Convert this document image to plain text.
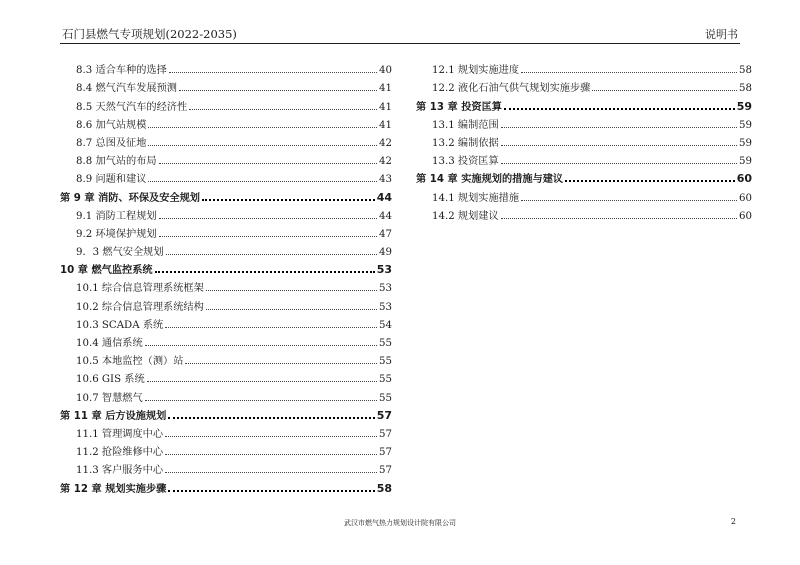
石门县燃气专项规划(2022-2035)	说明书
8.3 适合车种的选择	40
8.4 燃气汽车发展预测	41
8.5 天然气汽车的经济性	41
8.6 加气站规模	41
8.7 总图及征地	42
8.8 加气站的布局	42
8.9 问题和建议	43
第 9 章 消防、环保及安全规划	44
9.1 消防工程规划	44
9.2 环境保护规划	47
9．3 燃气安全规划	49
10 章 燃气监控系统	53
10.1 综合信息管理系统框架	53
10.2 综合信息管理系统结构	53
10.3 SCADA 系统	54
10.4 通信系统	55
10.5 本地监控（测）站	55
10.6 GIS 系统	55
10.7 智慧燃气	55
第 11 章 后方设施规划	57
11.1 管理调度中心	57
11.2 抢险维修中心	57
11.3 客户服务中心	57
第 12 章 规划实施步骤	58
12.1 规划实施进度	58
12.2 液化石油气供气规划实施步骤	58
第 13 章 投资匡算	59
13.1 编制范围	59
13.2 编制依据	59
13.3 投资匡算	59
第 14 章 实施规划的措施与建议	60
14.1 规划实施措施	60
14.2 规划建议	60
武汉市燃气热力规划设计院有限公司	2
